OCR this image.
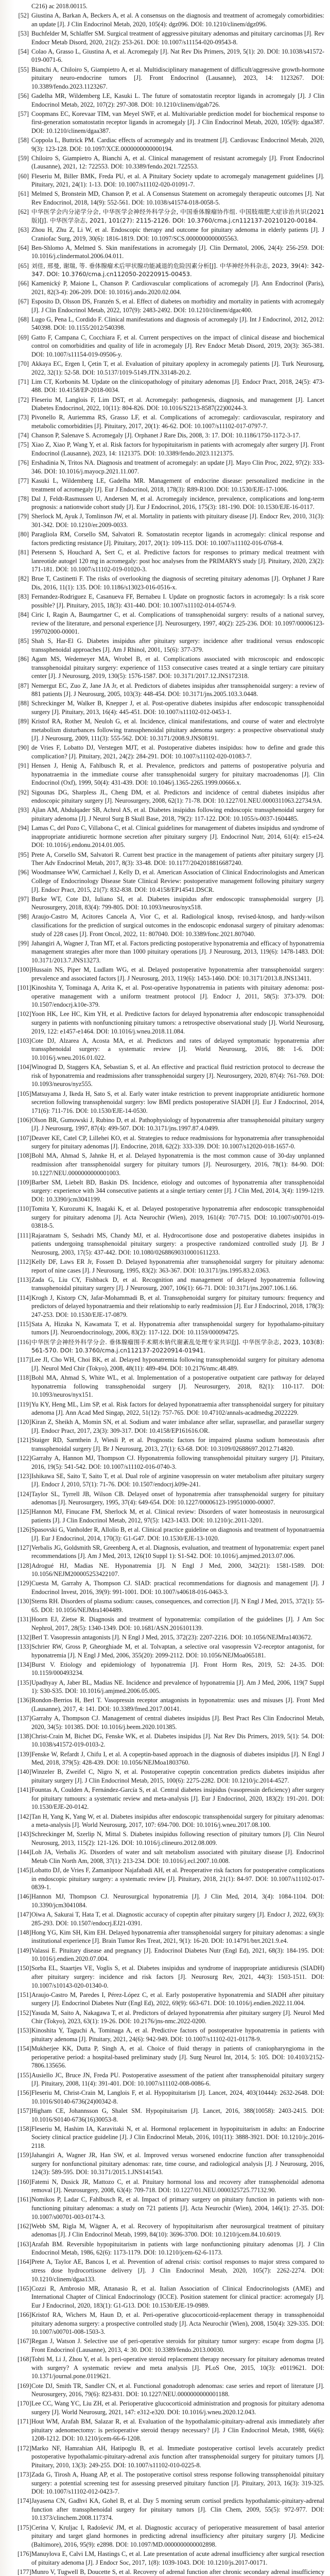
C216) ac 2018.00115.
[52] Giustina A, Barkan A, Beckers A, et al. A consensus on the diagnosis and treatment of acromegaly comorbidities: an update [J]. J Clin Endocrinol Metab, 2020, 105(4): dgz096. DOI: 10.1210/clinem/dgz096.
[53] Buchfelder M, Schlaffer SM. Surgical treatment of aggressive pituitary adenomas and pituitary carcinomas [J]. Rev Endocr Metab Disord, 2020, 21(2): 253-261. DOI: 10.1007/s11154-020-09543-8.
[54] Colao A, Grasso L, Giustina A, et al. Acromegaly [J]. Nat Rev Dis Primers, 2019, 5(1): 20. DOI: 10.1038/s41572-019-0071-6.
[55] Bianchi A, Chiloiro S, Giampietro A, et al. Multidisciplinary management of difficult/aggressive growth-hormone pituitary neuro-endocrine tumors [J]. Front Endocrinol (Lausanne), 2023, 14: 1123267. DOI: 10.3389/fendo.2023.1123267.
[56] Gadelha MR, Wildemberg LE, Kasuki L. The future of somatostatin receptor ligands in acromegaly [J]. J Clin Endocrinol Metab, 2022, 107(2): 297-308. DOI: 10.1210/clinem/dgab726.
[57] Coopmans EC, Korevaar TIM, van Meyel SWF, et al. Multivariable prediction model for biochemical response to first-generation somatostatin receptor ligands in acromegaly [J]. J Clin Endocrinol Metab, 2020, 105(9): dgaa387. DOI: 10.1210/clinem/dgaa387.
[58] Coppola L, Buttrick PM. Cardiac effects of acromegaly and its treatment [J]. Cardiovasc Endocrinol Metab, 2020, 9(3): 123-128. DOI: 10.1097/XCE.0000000000000194.
[59] Chiloiro S, Giampietro A, Bianchi A, et al. Clinical management of resistant acromegaly [J]. Front Endocrinol (Lausanne), 2021, 12: 722553. DOI: 10.3389/fendo.2021.722553.
[60] Fleseriu M, Biller BMK, Freda PU, et al. A Pituitary Society update to acromegaly management guidelines [J]. Pituitary, 2021, 24(1): 1-13. DOI: 10.1007/s11102-020-01091-7.
[61] Melmed S, Bronstein MD, Chanson P, et al. A Consensus Statement on acromegaly therapeutic outcomes [J]. Nat Rev Endocrinol, 2018, 14(9): 552-561. DOI: 10.1038/s41574-018-0058-5.
[62] 中华医学会内分泌学分会, 中华医学会神经外科学分会, 中国垂体腺瘤协作组. 中国肢端肥大症诊治共识(2021版)[J]. 中华医学杂志, 2021, 101(27): 2115-2126. DOI: 10.3760/cma.j.cn112137-20210120-00184.
[63] Zhou H, Zhu Z, Li W, et al. Endoscopic therapy and outcome for pituitary adenoma in elderly patients [J]. J Craniofac Surg, 2019, 30(6): 1816-1819. DOI: 10.1097/SCS.0000000000005563.
[64] Ben-Shlomo A, Melmed S. Skin manifestations in acromegaly [J]. Clin Dermatol, 2006, 24(4): 256-259. DOI: 10.1016/j.clindermatol.2006.04.011.
[65] 刘佳, 邢曼, 谢瑞, 等. 垂体腺瘤术后甲状腺功能减退的危险因素分析[J]. 中华神经外科杂志, 2023, 39(4): 342-347. DOI: 10.3760/cma.j.cn112050-20220915-00453.
[66] Kamenický P, Maione L, Chanson P. Cardiovascular complications of acromegaly [J]. Ann Endocrinol (Paris), 2021, 82(3-4): 206-209. DOI: 10.1016/j.ando.2020.02.004.
[67] Esposito D, Olsson DS, Franzén S, et al. Effect of diabetes on morbidity and mortality in patients with acromegaly [J]. J Clin Endocrinol Metab, 2022, 107(9): 2483-2492. DOI: 10.1210/clinem/dgac400.
[68] Lugo G, Pena L, Cordido F. Clinical manifestations and diagnosis of acromegaly [J]. Int J Endocrinol, 2012, 2012: 540398. DOI: 10.1155/2012/540398.
[69] Gatto F, Campana C, Cocchiara F, et al. Current perspectives on the impact of clinical disease and biochemical control on comorbidities and quality of life in acromegaly [J]. Rev Endocr Metab Disord, 2019, 20(3): 365-381. DOI: 10.1007/s11154-019-09506-y.
[70] Akkaya EC, Ergen I, Çetin T, et al. Evaluation of pituitary apoplexy in acromegaly patients [J]. Turk Neurosurg, 2022, 32(1): 52-58. DOI: 10.5137/1019-5149.JTN.33148-20.2.
[71] Lim CT, Korbonits M. Update on the clinicopathology of pituitary adenomas [J]. Endocr Pract, 2018, 24(5): 473-488. DOI: 10.4158/EP-2018-0034.
[72] Fleseriu M, Langlois F, Lim DST, et al. Acromegaly: pathogenesis, diagnosis, and management [J]. Lancet Diabetes Endocrinol, 2022, 10(11): 804-826. DOI: 10.1016/S2213-8587(22)00244-3.
[73] Pivonello R, Auriemma RS, Grasso LF, et al. Complications of acromegaly: cardiovascular, respiratory and metabolic comorbidities [J]. Pituitary, 2017, 20(1): 46-62. DOI: 10.1007/s11102-017-0797-7.
[74] Chanson P, Salenave S. Acromegaly [J]. Orphanet J Rare Dis, 2008, 3: 17. DOI: 10.1186/1750-1172-3-17.
[75] Xiao Z, Xiao P, Wang Y, et al. Risk factors for hypopituitarism in patients with acromegaly after surgery [J]. Front Endocrinol (Lausanne), 2023, 14: 1121375. DOI: 10.3389/fendo.2023.1121375.
[76] Ershadinia N, Tritos NA. Diagnosis and treatment of acromegaly: an update [J]. Mayo Clin Proc, 2022, 97(2): 333-346. DOI: 10.1016/j.mayocp.2021.11.007.
[77] Kasuki L, Wildemberg LE, Gadelha MR. Management of endocrine disease: personalized medicine in the treatment of acromegaly [J]. Eur J Endocrinol, 2018, 178(3): R89-R100. DOI: 10.1530/EJE-17-1006.
[78] Dal J, Feldt-Rasmussen U, Andersen M, et al. Acromegaly incidence, prevalence, complications and long-term prognosis: a nationwide cohort study [J]. Eur J Endocrinol, 2016, 175(3): 181-190. DOI: 10.1530/EJE-16-0117.
[79] Sherlock M, Ayuk J, Tomlinson JW, et al. Mortality in patients with pituitary disease [J]. Endocr Rev, 2010, 31(3): 301-342. DOI: 10.1210/er.2009-0033.
[80] Paragliola RM, Corsello SM, Salvatori R. Somatostatin receptor ligands in acromegaly: clinical response and factors predicting resistance [J]. Pituitary, 2017, 20(1): 109-115. DOI: 10.1007/s11102-016-0768-4.
[81] Petersenn S, Houchard A, Sert C, et al. Predictive factors for responses to primary medical treatment with lanreotide autogel 120 mg in acromegaly: post hoc analyses from the PRIMARYS study [J]. Pituitary, 2020, 23(2): 171-181. DOI: 10.1007/s11102-019-01020-3.
[82] Brue T, Castinetti F. The risks of overlooking the diagnosis of secreting pituitary adenomas [J]. Orphanet J Rare Dis, 2016, 11(1): 135. DOI: 10.1186/s13023-016-0516-x.
[83] Fernandez-Rodriguez E, Casanueva FF, Bernabeu I. Update on prognostic factors in acromegaly: Is a risk score possible? [J]. Pituitary, 2015, 18(3): 431-440. DOI: 10.1007/s11102-014-0574-9.
[84] Ciric I, Ragin A, Baumgartner C, et al. Complications of transsphenoidal surgery: results of a national survey, review of the literature, and personal experience [J]. Neurosurgery, 1997, 40(2): 225-236. DOI: 10.1097/00006123-199702000-00001.
[85] Shah S, Har-El G. Diabetes insipidus after pituitary surgery: incidence after traditional versus endoscopic transsphenoidal approaches [J]. Am J Rhinol, 2001, 15(6): 377-379.
[86] Agam MS, Wedemeyer MA, Wrobel B, et al. Complications associated with microscopic and endoscopic transsphenoidal pituitary surgery: experience of 1153 consecutive cases treated at a single tertiary care pituitary center [J]. J Neurosurg, 2019, 130(5): 1576-1587. DOI: 10.3171/2017.12.JNS172318.
[87] Nemergut EC, Zuo Z, Jane JA Jr, et al. Predictors of diabetes insipidus after transsphenoidal surgery: a review of 881 patients [J]. J Neurosurg, 2005, 103(3): 448-454. DOI: 10.3171/jns.2005.103.3.0448.
[88] Schreckinger M, Walker B, Knepper J, et al. Post-operative diabetes insipidus after endoscopic transsphenoidal surgery [J]. Pituitary, 2013, 16(4): 445-451. DOI: 10.1007/s11102-012-0453-1.
[89] Kristof RA, Rother M, Neuloh G, et al. Incidence, clinical manifestations, and course of water and electrolyte metabolism disturbances following transsphenoidal pituitary adenoma surgery: a prospective observational study [J]. J Neurosurg, 2009, 111(3): 555-562. DOI: 10.3171/2008.9.JNS08191.
[90] de Vries F, Lobatto DJ, Verstegen MJT, et al. Postoperative diabetes insipidus: how to define and grade this complication? [J]. Pituitary, 2021, 24(2): 284-291. DOI: 10.1007/s11102-020-01083-7.
[91] Hensen J, Henig A, Fahlbusch R, et al. Prevalence, predictors and patterns of postoperative polyuria and hyponatraemia in the immediate course after transsphenoidal surgery for pituitary macroadenomas [J]. Clin Endocrinol (Oxf), 1999, 50(4): 431-439. DOI: 10.1046/j.1365-2265.1999.00666.x.
[92] Sigounas DG, Sharpless JL, Cheng DM, et al. Predictors and incidence of central diabetes insipidus after endoscopic pituitary surgery [J]. Neurosurgery, 2008, 62(1): 71-78. DOI: 10.1227/01.NEU.0000311063.22734.9A.
[93] Ajlan AM, Abdulqader SB, Achrol AS, et al. Diabetes insipidus following endoscopic transsphenoidal surgery for pituitary adenoma [J]. J Neurol Surg B Skull Base, 2018, 79(2): 117-122. DOI: 10.1055/s-0037-1604485.
[94] Lamas C, del Pozo C, Villabona C, et al. Clinical guidelines for management of diabetes insipidus and syndrome of inappropriate antidiuretic hormone secretion after pituitary surgery [J]. Endocrinol Nutr, 2014, 61(4): e15-e24. DOI: 10.1016/j.endonu.2014.01.005.
[95] Prete A, Corsello SM, Salvatori R. Current best practice in the management of patients after pituitary surgery [J]. Ther Adv Endocrinol Metab, 2017, 8(3): 33-48. DOI: 10.1177/2042018816687240.
[96] Woodmansee WW, Carmichael J, Kelly D, et al. American Association of Clinical Endocrinologists and American College of Endocrinology Disease State Clinical Review: postoperative management following pituitary surgery [J]. Endocr Pract, 2015, 21(7): 832-838. DOI: 10.4158/EP14541.DSCR.
[97] Burke WT, Cote DJ, Iuliano SI, et al. Diabetes insipidus after endoscopic transsphenoidal surgery [J]. Neurosurgery, 2018, 83(4): 799-805. DOI: 10.1093/neuros/nyx518.
[98] Araujo-Castro M, Acitores Cancela A, Vior C, et al. Radiological knosp, revised-knosp, and hardy-wilson classifications for the prediction of surgical outcomes in the endoscopic endonasal surgery of pituitary adenomas: study of 228 cases [J]. Front Oncol, 2022, 11: 807040. DOI: 10.3389/fonc.2021.807040.
[99] Jahangiri A, Wagner J, Tran MT, et al. Factors predicting postoperative hyponatremia and efficacy of hyponatremia management strategies after more than 1000 pituitary operations [J]. J Neurosurg, 2013, 119(6): 1478-1483. DOI: 10.3171/2013.7.JNS13273.
[100] Hussain NS, Piper M, Ludlam WG, et al. Delayed postoperative hyponatremia after transsphenoidal surgery: prevalence and associated factors [J]. J Neurosurg, 2013, 119(6): 1453-1460. DOI: 10.3171/2013.8.JNS13411.
[101] Kinoshita Y, Tominaga A, Arita K, et al. Post-operative hyponatremia in patients with pituitary adenoma: post-operative management with a uniform treatment protocol [J]. Endocr J, 2011, 58(5): 373-379. DOI: 10.1507/endocrj.k10e-379.
[102] Yoon HK, Lee HC, Kim YH, et al. Predictive factors for delayed hyponatremia after endoscopic transsphenoidal surgery in patients with nonfunctioning pituitary tumors: a retrospective observational study [J]. World Neurosurg, 2019, 122: e1457-e1464. DOI: 10.1016/j.wneu.2018.11.084.
[103] Cote DJ, Alzarea A, Acosta MA, et al. Predictors and rates of delayed symptomatic hyponatremia after transsphenoidal surgery: a systematic review [J]. World Neurosurg, 2016, 88: 1-6. DOI: 10.1016/j.wneu.2016.01.022.
[104] Winograd D, Staggers KA, Sebastian S, et al. An effective and practical fluid restriction protocol to decrease the risk of hyponatremia and readmissions after transsphenoidal surgery [J]. Neurosurgery, 2020, 87(4): 761-769. DOI: 10.1093/neuros/nyz555.
[105] Matsuyama J, Ikeda H, Sato S, et al. Early water intake restriction to prevent inappropriate antidiuretic hormone secretion following transsphenoidal surgery: low BMI predicts postoperative SIADH [J]. Eur J Endocrinol, 2014, 171(6): 711-716. DOI: 10.1530/EJE-14-0530.
[106] Olson BR, Gumowski J, Rubino D, et al. Pathophysiology of hyponatremia after transsphenoidal pituitary surgery [J]. J Neurosurg, 1997, 87(4): 499-507. DOI: 10.3171/jns.1997.87.4.0499.
[107] Deaver KE, Catel CP, Lillehei KO, et al. Strategies to reduce readmissions for hyponatremia after transsphenoidal surgery for pituitary adenomas [J]. Endocrine, 2018, 62(2): 333-339. DOI: 10.1007/s12020-018-1657-0.
[108] Bohl MA, Ahmad S, Jahnke H, et al. Delayed hyponatremia is the most common cause of 30-day unplanned readmission after transsphenoidal surgery for pituitary tumors [J]. Neurosurgery, 2016, 78(1): 84-90. DOI: 10.1227/NEU.0000000000001003.
[109] Barber SM, Liebelt BD, Baskin DS. Incidence, etiology and outcomes of hyponatremia after transsphenoidal surgery: experience with 344 consecutive patients at a single tertiary center [J]. J Clin Med, 2014, 3(4): 1199-1219. DOI: 10.3390/jcm3041199.
[110] Tomita Y, Kurozumi K, Inagaki K, et al. Delayed postoperative hyponatremia after endoscopic transsphenoidal surgery for pituitary adenoma [J]. Acta Neurochir (Wien), 2019, 161(4): 707-715. DOI: 10.1007/s00701-019-03818-5.
[111] Rajaratnam S, Seshadri MS, Chandy MJ, et al. Hydrocortisone dose and postoperative diabetes insipidus in patients undergoing transsphenoidal pituitary surgery: a prospective randomized controlled study [J]. Br J Neurosurg, 2003, 17(5): 437-442. DOI: 10.1080/02688690310001611233.
[112] Kelly DF, Laws ER Jr, Fossett D. Delayed hyponatremia after transsphenoidal surgery for pituitary adenoma: report of nine cases [J]. J Neurosurg, 1995, 83(2): 363-367. DOI: 10.3171/jns.1995.83.2.0363.
[113] Zada G, Liu CY, Fishback D, et al. Recognition and management of delayed hyponatremia following transsphenoidal pituitary surgery [J]. J Neurosurg, 2007, 106(1): 66-71. DOI: 10.3171/jns.2007.106.1.66.
[114] Krogh J, Kistorp CN, Jafar-Mohammadi B, et al. Transsphenoidal surgery for pituitary tumours: frequency and predictors of delayed hyponatraemia and their relationship to early readmission [J]. Eur J Endocrinol, 2018, 178(3): 247-253. DOI: 10.1530/EJE-17-0879.
[115] Sata A, Hizuka N, Kawamata T, et al. Hyponatremia after transsphenoidal surgery for hypothalamo-pituitary tumors [J]. Neuroendocrinology, 2006, 83(2): 117-122. DOI: 10.1159/000094725.
[116] 中华医学会神经外科学分会. 垂体腺瘤围手术期水钠代谢紊乱处理专家共识[J]. 中华医学杂志, 2023, 103(8): 561-570. DOI: 10.3760/cma.j.cn112137-20220914-01941.
[117] Lee JI, Cho WH, Choi BK, et al. Delayed hyponatremia following transsphenoidal surgery for pituitary adenoma [J]. Neurol Med Chir (Tokyo), 2008, 48(11): 489-494. DOI: 10.2176/nmc.48.489.
[118] Bohl MA, Ahmad S, White WL, et al. Implementation of a postoperative outpatient care pathway for delayed hyponatremia following transsphenoidal surgery [J]. Neurosurgery, 2018, 82(1): 110-117. DOI: 10.1093/neuros/nyx151.
[119] Yu KY, Heng ML, Lim SP, et al. Risk factors for delayed hyponatraemia after transsphenoidal surgery for pituitary adenoma [J]. Ann Acad Med Singap, 2022, 51(12): 757-765. DOI: 10.47102/annals-acadmedsg.2022229.
[120] Kiran Z, Sheikh A, Momin SN, et al. Sodium and water imbalance after sellar, suprasellar, and parasellar surgery [J]. Endocr Pract, 2017, 23(3): 309-317. DOI: 10.4158/EP161616.OR.
[121] Staiger RD, Sarnthein J, Wiesli P, et al. Prognostic factors for impaired plasma sodium homeostasis after transsphenoidal surgery [J]. Br J Neurosurg, 2013, 27(1): 63-68. DOI: 10.3109/02688697.2012.714820.
[122] Garrahy A, Hannon MJ, Thompson CJ. Hyponatremia following transsphenoidal pituitary surgery [J]. Pituitary, 2016, 19(5): 541-542. DOI: 10.1007/s11102-016-0740-3.
[123] Ishikawa SE, Saito T, Saito T, et al. Dual role of arginine vasopressin on water metabolism after pituitary surgery [J]. Endocr J, 2010, 57(1): 71-76. DOI: 10.1507/endocrj.k09e-241.
[124] Taylor SL, Tyrrell JB, Wilson CB. Delayed onset of hyponatremia after transsphenoidal surgery for pituitary adenomas [J]. Neurosurgery, 1995, 37(4): 649-654. DOI: 10.1227/00006123-199510000-00007.
[125] Hannon MJ, Finucane FM, Sherlock M, et al. Clinical review: Disorders of water homeostasis in neurosurgical patients [J]. J Clin Endocrinol Metab, 2012, 97(5): 1423-1433. DOI: 10.1210/jc.2011-3201.
[126] Spasovski G, Vanholder R, Allolio B, et al. Clinical practice guideline on diagnosis and treatment of hyponatraemia [J]. Eur J Endocrinol, 2014, 170(3): G1-G47. DOI: 10.1530/EJE-13-1020.
[127] Verbalis JG, Goldsmith SR, Greenberg A, et al. Diagnosis, evaluation, and treatment of hyponatremia: expert panel recommendations [J]. Am J Med, 2013, 126(10 Suppl 1): S1-S42. DOI: 10.1016/j.amjmed.2013.07.006.
[128] Adrogué HJ, Madias NE. Hyponatremia [J]. N Engl J Med, 2000, 342(21): 1581-1589. DOI: 10.1056/NEJM200005253422107.
[129] Cuesta M, Garrahy A, Thompson CJ. SIAD: practical recommendations for diagnosis and management [J]. J Endocrinol Invest, 2016, 39(9): 991-1001. DOI: 10.1007/s40618-016-0463-3.
[130] Sterns RH. Disorders of plasma sodium: causes, consequences, and correction [J]. N Engl J Med, 2015, 372(1): 55-65. DOI: 10.1056/NEJMra1404489.
[131] Hoorn EJ, Zietse R. Diagnosis and treatment of hyponatremia: compilation of the guidelines [J]. J Am Soc Nephrol, 2017, 28(5): 1340-1349. DOI: 10.1681/ASN.2016101139.
[132] Berl T. Vasopressin antagonists [J]. N Engl J Med, 2015, 372(23): 2207-2216. DOI: 10.1056/NEJMra1403672.
[133] Schrier RW, Gross P, Gheorghiade M, et al. Tolvaptan, a selective oral vasopressin V2-receptor antagonist, for hyponatremia [J]. N Engl J Med, 2006, 355(20): 2099-2112. DOI: 10.1056/NEJMoa065181.
[134] Burst V. Etiology and epidemiology of hyponatremia [J]. Front Horm Res, 2019, 52: 24-35. DOI: 10.1159/000493234.
[135] Upadhyay A, Jaber BL, Madias NE. Incidence and prevalence of hyponatremia [J]. Am J Med, 2006, 119(7 Suppl 1): S30-S35. DOI: 10.1016/j.amjmed.2006.05.005.
[136] Rondon-Berrios H, Berl T. Vasopressin receptor antagonists in hyponatremia: uses and misuses [J]. Front Med (Lausanne), 2017, 4: 141. DOI: 10.3389/fmed.2017.00141.
[137] Garrahy A, Thompson CJ. Management of central diabetes insipidus [J]. Best Pract Res Clin Endocrinol Metab, 2020, 34(5): 101385. DOI: 10.1016/j.beem.2020.101385.
[138] Christ-Crain M, Bichet DG, Fenske WK, et al. Diabetes insipidus [J]. Nat Rev Dis Primers, 2019, 5(1): 54. DOI: 10.1038/s41572-019-0103-2.
[139] Fenske W, Refardt J, Chifu I, et al. A copeptin-based approach in the diagnosis of diabetes insipidus [J]. N Engl J Med, 2018, 379(5): 428-439. DOI: 10.1056/NEJMoa1803760.
[140] Winzeler B, Zweifel C, Nigro N, et al. Postoperative copeptin concentration predicts diabetes insipidus after pituitary surgery [J]. J Clin Endocrinol Metab, 2015, 100(6): 2275-2282. DOI: 10.1210/jc.2014-4527.
[141] Fountas A, Coulden A, Fernández-García S, et al. Central diabetes insipidus (vasopressin deficiency) after surgery for pituitary tumours: a systematic review and meta-analysis [J]. Eur J Endocrinol, 2020, 183(2): 191-201. DOI: 10.1530/EJE-20-0142.
[142] Tan H, Yang K, Yang W, et al. Diabetes insipidus after endoscopic transsphenoidal surgery for pituitary adenomas: a meta-analysis [J]. World Neurosurg, 2017, 107: 694-700. DOI: 10.1016/j.wneu.2017.08.100.
[143] Schreckinger M, Szerlip N, Mittal S. Diabetes insipidus following resection of pituitary tumors [J]. Clin Neurol Neurosurg, 2013, 115(2): 121-126. DOI: 10.1016/j.clineuro.2012.08.009.
[144] Loh JA, Verbalis JG. Disorders of water and salt metabolism associated with pituitary disease [J]. Endocrinol Metab Clin North Am, 2008, 37(1): 213-234. DOI: 10.1016/j.ecl.2007.10.008.
[145] Lobatto DJ, de Vries F, Zamanipoor Najafabadi AH, et al. Preoperative risk factors for postoperative complications in endoscopic pituitary surgery: a systematic review [J]. Pituitary, 2018, 21(1): 84-97. DOI: 10.1007/s11102-017-0839-1.
[146] Hannon MJ, Thompson CJ. Neurosurgical hyponatremia [J]. J Clin Med, 2014, 3(4): 1084-1104. DOI: 10.3390/jcm3041084.
[147] Oiwa A, Sakurai T, Hata T, et al. Diagnostic accuracy of copeptin after pituitary surgery [J]. Endocr J, 2022, 69(3): 285-293. DOI: 10.1507/endocrj.EJ21-0391.
[148] Hong YG, Kim SH, Kim EH. Delayed hyponatremia after transsphenoidal surgery for pituitary adenomas: a single institutional experience [J]. Brain Tumor Res Treat, 2021, 9(1): 16-20. DOI: 10.14791/btrt.2021.9.e4.
[149] Valassi E. Pituitary disease and pregnancy [J]. Endocrinol Diabetes Nutr (Engl Ed), 2021, 68(3): 184-195. DOI: 10.1016/j.endien.2020.07.004.
[150] Sorba EL, Staartjes VE, Voglis S, et al. Diabetes insipidus and syndrome of inappropriate antidiuresis (SIADH) after pituitary surgery: incidence and risk factors [J]. Neurosurg Rev, 2021, 44(3): 1503-1511. DOI: 10.1007/s10143-020-01340-0.
[151] Araujo-Castro M, Paredes I, Pérez-López C, et al. Early postoperative hyponatremia and SIADH after pituitary surgery [J]. Endocrinol Diabetes Nutr (Engl Ed), 2022, 69(9): 663-671. DOI: 10.1016/j.endien.2022.11.004.
[152] Yasuda M, Saito A, Nakagawa T, et al. Predictors of delayed hyponatremia after pituitary surgery [J]. Neurol Med Chir (Tokyo), 2023, 63(1): 19-26. DOI: 10.2176/jns-nmc.2022-0200.
[153] Kinoshita Y, Taguchi A, Tominaga A, et al. Predictive factors of postoperative hyponatremia in patients with pituitary adenoma [J]. Pituitary, 2021, 24(6): 942-949. DOI: 10.1007/s11102-021-01178-9.
[154] Mukherjee KK, Dutta P, Singh A, et al. Choice of fluid therapy in patients of craniopharyngioma in the perioperative period: a hospital-based preliminary study [J]. Surg Neurol Int, 2014, 5: 105. DOI: 10.4103/2152-7806.135656.
[155] Ausiello JC, Bruce JN, Freda PU. Postoperative assessment of the patient after transsphenoidal pituitary surgery [J]. Pituitary, 2008, 11(4): 391-401. DOI: 10.1007/s11102-008-0086-6.
[156] Fleseriu M, Christ-Crain M, Langlois F, et al. Hypopituitarism [J]. Lancet, 2024, 403(10444): 2632-2648. DOI: 10.1016/S0140-6736(24)00342-8.
[157] Higham CE, Johannsson G, Shalet SM. Hypopituitarism [J]. Lancet, 2016, 388(10058): 2403-2415. DOI: 10.1016/S0140-6736(16)30053-8.
[158] Fleseriu M, Hashim IA, Karavitaki N, et al. Hormonal replacement in hypopituitarism in adults: an Endocrine Society clinical practice guideline [J]. J Clin Endocrinol Metab, 2016, 101(11): 3888-3921. DOI: 10.1210/jc.2016-2118.
[159] Jahangiri A, Wagner JR, Han SW, et al. Improved versus worsened endocrine function after transsphenoidal surgery for nonfunctional pituitary adenomas: rate, time course, and radiological analysis [J]. J Neurosurg, 2016, 124(3): 589-595. DOI: 10.3171/2015.1.JNS141543.
[160] Fatemi N, Dusick JR, Mattozo C, et al. Pituitary hormonal loss and recovery after transsphenoidal adenoma removal [J]. Neurosurgery, 2008, 63(4): 709-718. DOI: 10.1227/01.NEU.0000325725.77132.90.
[161] Nomikos P, Ladar C, Fahlbusch R, et al. Impact of primary surgery on pituitary function in patients with non-functioning pituitary adenomas: a study on 721 patients [J]. Acta Neurochir (Wien), 2004, 146(1): 27-35. DOI: 10.1007/s00701-003-0174-3.
[162] Webb SM, Rigla M, Wägner A, et al. Recovery of hypopituitarism after neurosurgical treatment of pituitary adenomas [J]. J Clin Endocrinol Metab, 1999, 84(10): 3696-3700. DOI: 10.1210/jcem.84.10.6019.
[163] Arafah BM. Reversible hypopituitarism in patients with large nonfunctioning pituitary adenomas [J]. J Clin Endocrinol Metab, 1986, 62(6): 1173-1179. DOI: 10.1210/jcem-62-6-1173.
[164] Prete A, Taylor AE, Bancos I, et al. Prevention of adrenal crisis: cortisol responses to major stress compared to stress dose hydrocortisone delivery [J]. J Clin Endocrinol Metab, 2020, 105(7): 2262-2274. DOI: 10.1210/clinem/dgaa133.
[165] Cozzi R, Ambrosio MR, Attanasio R, et al. Italian Association of Clinical Endocrinologists (AME) and International Chapter of Clinical Endocrinology (ICCE). Position statement for clinical practice: acromegaly [J]. Eur J Endocrinol, 2020, 183(1): G1-G13. DOI: 10.1530/EJE-19-0989.
[166] Kristof RA, Wichers M, Haun D, et al. Peri-operative glucocorticoid-replacement therapy in transsphenoidal pituitary adenoma surgery: a prospective controlled study [J]. Acta Neurochir (Wien), 2008, 150(4): 329-335. DOI: 10.1007/s00701-008-1503-3.
[167] Regan J, Watson J. Selective use of peri-operative steroids for pituitary tumor surgery: escape from dogma [J]. Front Endocrinol (Lausanne), 2013, 4: 30. DOI: 10.3389/fendo.2013.00030.
[168] Tohti M, Li J, Zhou Y, et al. Is peri-operative steroid replacement therapy necessary for pituitary adenomas treated with surgery? A systematic review and meta analysis [J]. PLoS One, 2015, 10(3): e0119621. DOI: 10.1371/journal.pone.0119621.
[169] Cote DJ, Smith TR, Sandler CN, et al. Functional gonadotroph adenomas: case series and report of literature [J]. Neurosurgery, 2016, 79(6): 823-831. DOI: 10.1227/NEU.0000000000001188.
[170] Lee CC, Wang YC, Liu ZH, et al. Perioperative glucocorticoid administration and prognosis for pituitary adenoma surgery [J]. World Neurosurg, 2021, 147: e312-e320. DOI: 10.1016/j.wneu.2020.12.043.
[171] Hout WM, Arafah BM, Salazar R, et al. Evaluation of the hypothalamic-pituitary-adrenal axis immediately after pituitary adenomectomy: is perioperative steroid therapy necessary? [J]. J Clin Endocrinol Metab, 1988, 66(6): 1208-1212. DOI: 10.1210/jcem-66-6-1208.
[172] Marko NF, Hamrahian AH, Hatipoglu B, et al. Immediate postoperative cortisol levels accurately predict postoperative hypothalamic-pituitary-adrenal axis function after transsphenoidal surgery for pituitary tumors [J]. Pituitary, 2010, 13(3): 249-255. DOI: 10.1007/s11102-010-0225-8.
[173] Zada G, Tirosh A, Huang AP, et al. The postoperative cortisol stress response following transsphenoidal pituitary surgery: a potential screening test for assessing preserved pituitary function [J]. Pituitary, 2013, 16(3): 319-325. DOI: 10.1007/s11102-012-0423-7.
[174] Jayasena CN, Gadhvi KA, Gohel B, et al. Day 5 morning serum cortisol predicts hypothalamic-pituitary-adrenal function after transsphenoidal surgery for pituitary tumors [J]. Clin Chem, 2009, 55(5): 972-977. DOI: 10.1373/clinchem.2008.117374.
[175] Cerina V, Kruljac I, Radošević JM, et al. Diagnostic accuracy of perioperative measurement of basal anterior pituitary and target gland hormones in predicting adrenal insufficiency after pituitary surgery [J]. Medicine (Baltimore), 2016, 95(9): e2898. DOI: 10.1097/MD.0000000000002898.
[176] Manuylova E, Calvi LM, Hastings C, et al. Late presentation of acute adrenal insufficiency after surgical resection of pituitary adenoma [J]. J Endocr Soc, 2017, 1(8): 1039-1043. DOI: 10.1210/js.2017-00171.
[177] Munro V, Tugwell B, Doucette S, et al. Recovery of adrenal function after chronic secondary adrenal insufficiency
